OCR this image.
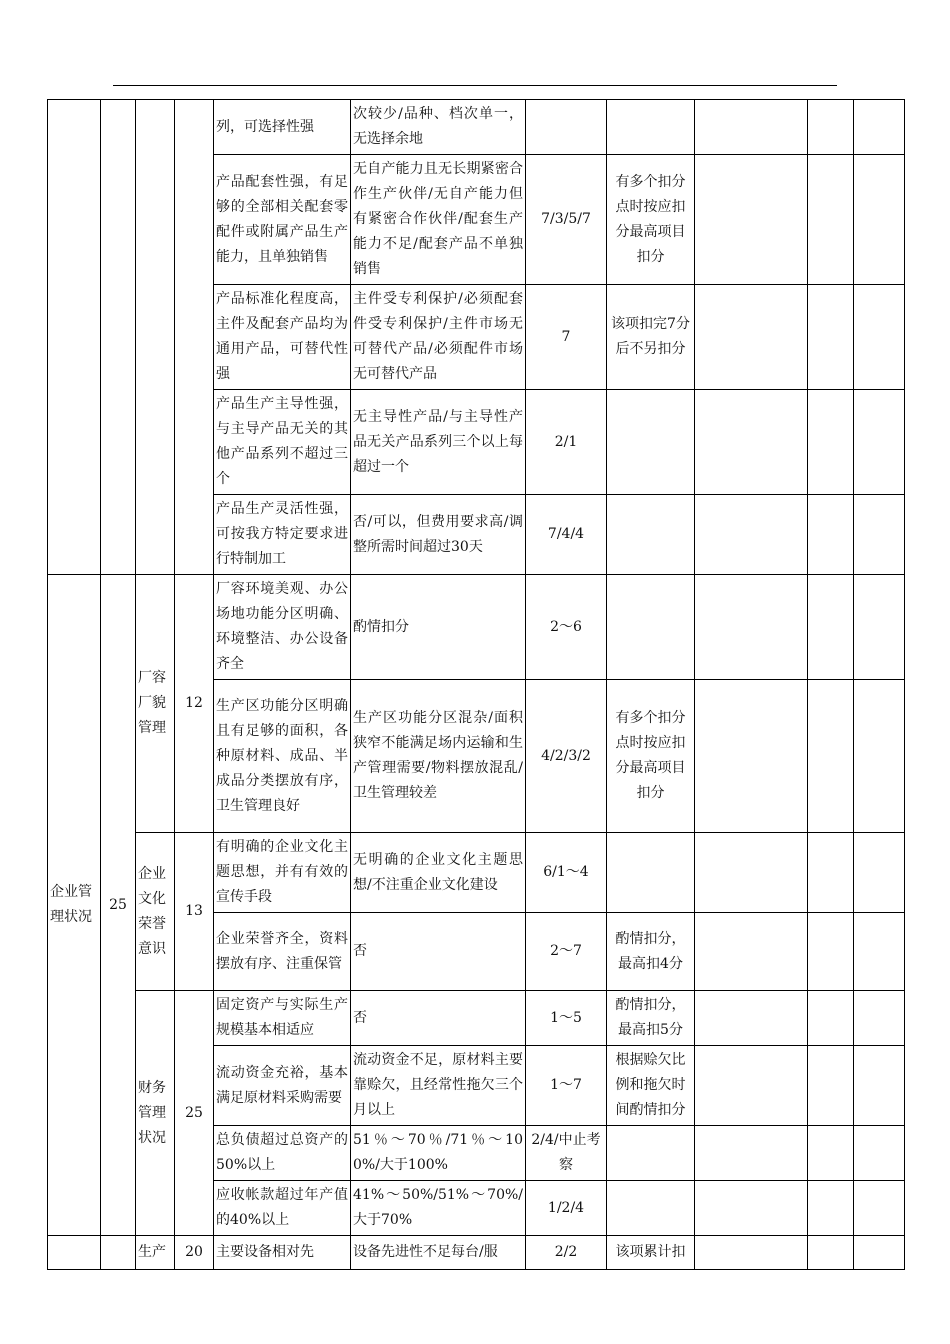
				列，可选择性强	次较少/品种、档次单一，无选择余地					
				产品配套性强，有足够的全部相关配套零配件或附属产品生产能力，且单独销售	无自产能力且无长期紧密合作生产伙伴/无自产能力但有紧密合作伙伴/配套生产能力不足/配套产品不单独销售	7/3/5/7	有多个扣分点时按应扣分最高项目扣分			
				产品标准化程度高，主件及配套产品均为通用产品，可替代性强	主件受专利保护/必须配套件受专利保护/主件市场无可替代产品/必须配件市场无可替代产品	7	该项扣完7分后不另扣分			
				产品生产主导性强，与主导产品无关的其他产品系列不超过三个	无主导性产品/与主导性产品无关产品系列三个以上每超过一个	2/1				
				产品生产灵活性强，可按我方特定要求进行特制加工	否/可以，但费用要求高/调整所需时间超过30天	7/4/4				
企业管理状况	25	厂容厂貌管理	12	厂容环境美观、办公场地功能分区明确、环境整洁、办公设备齐全	酌情扣分	2～6				
				生产区功能分区明确且有足够的面积，各种原材料、成品、半成品分类摆放有序，卫生管理良好	生产区功能分区混杂/面积狭窄不能满足场内运输和生产管理需要/物料摆放混乱/卫生管理较差	4/2/3/2	有多个扣分点时按应扣分最高项目扣分			
		企业文化荣誉意识	13	有明确的企业文化主题思想，并有有效的宣传手段	无明确的企业文化主题思想/不注重企业文化建设	6/1～4				
				企业荣誉齐全，资料摆放有序、注重保管	否	2～7	酌情扣分，最高扣4分			
		财务管理状况	25	固定资产与实际生产规模基本相适应	否	1～5	酌情扣分，最高扣5分			
				流动资金充裕，基本满足原材料采购需要	流动资金不足，原材料主要靠赊欠，且经常性拖欠三个月以上	1～7	根据赊欠比例和拖欠时间酌情扣分			
				总负债超过总资产的50%以上	51％～70％/71％～100%/大于100%	2/4/中止考察				
				应收帐款超过年产值的40%以上	41%～50%/51%～70%/大于70%	1/2/4				
		生产	20	主要设备相对先	设备先进性不足每台/服	2/2	该项累计扣			
